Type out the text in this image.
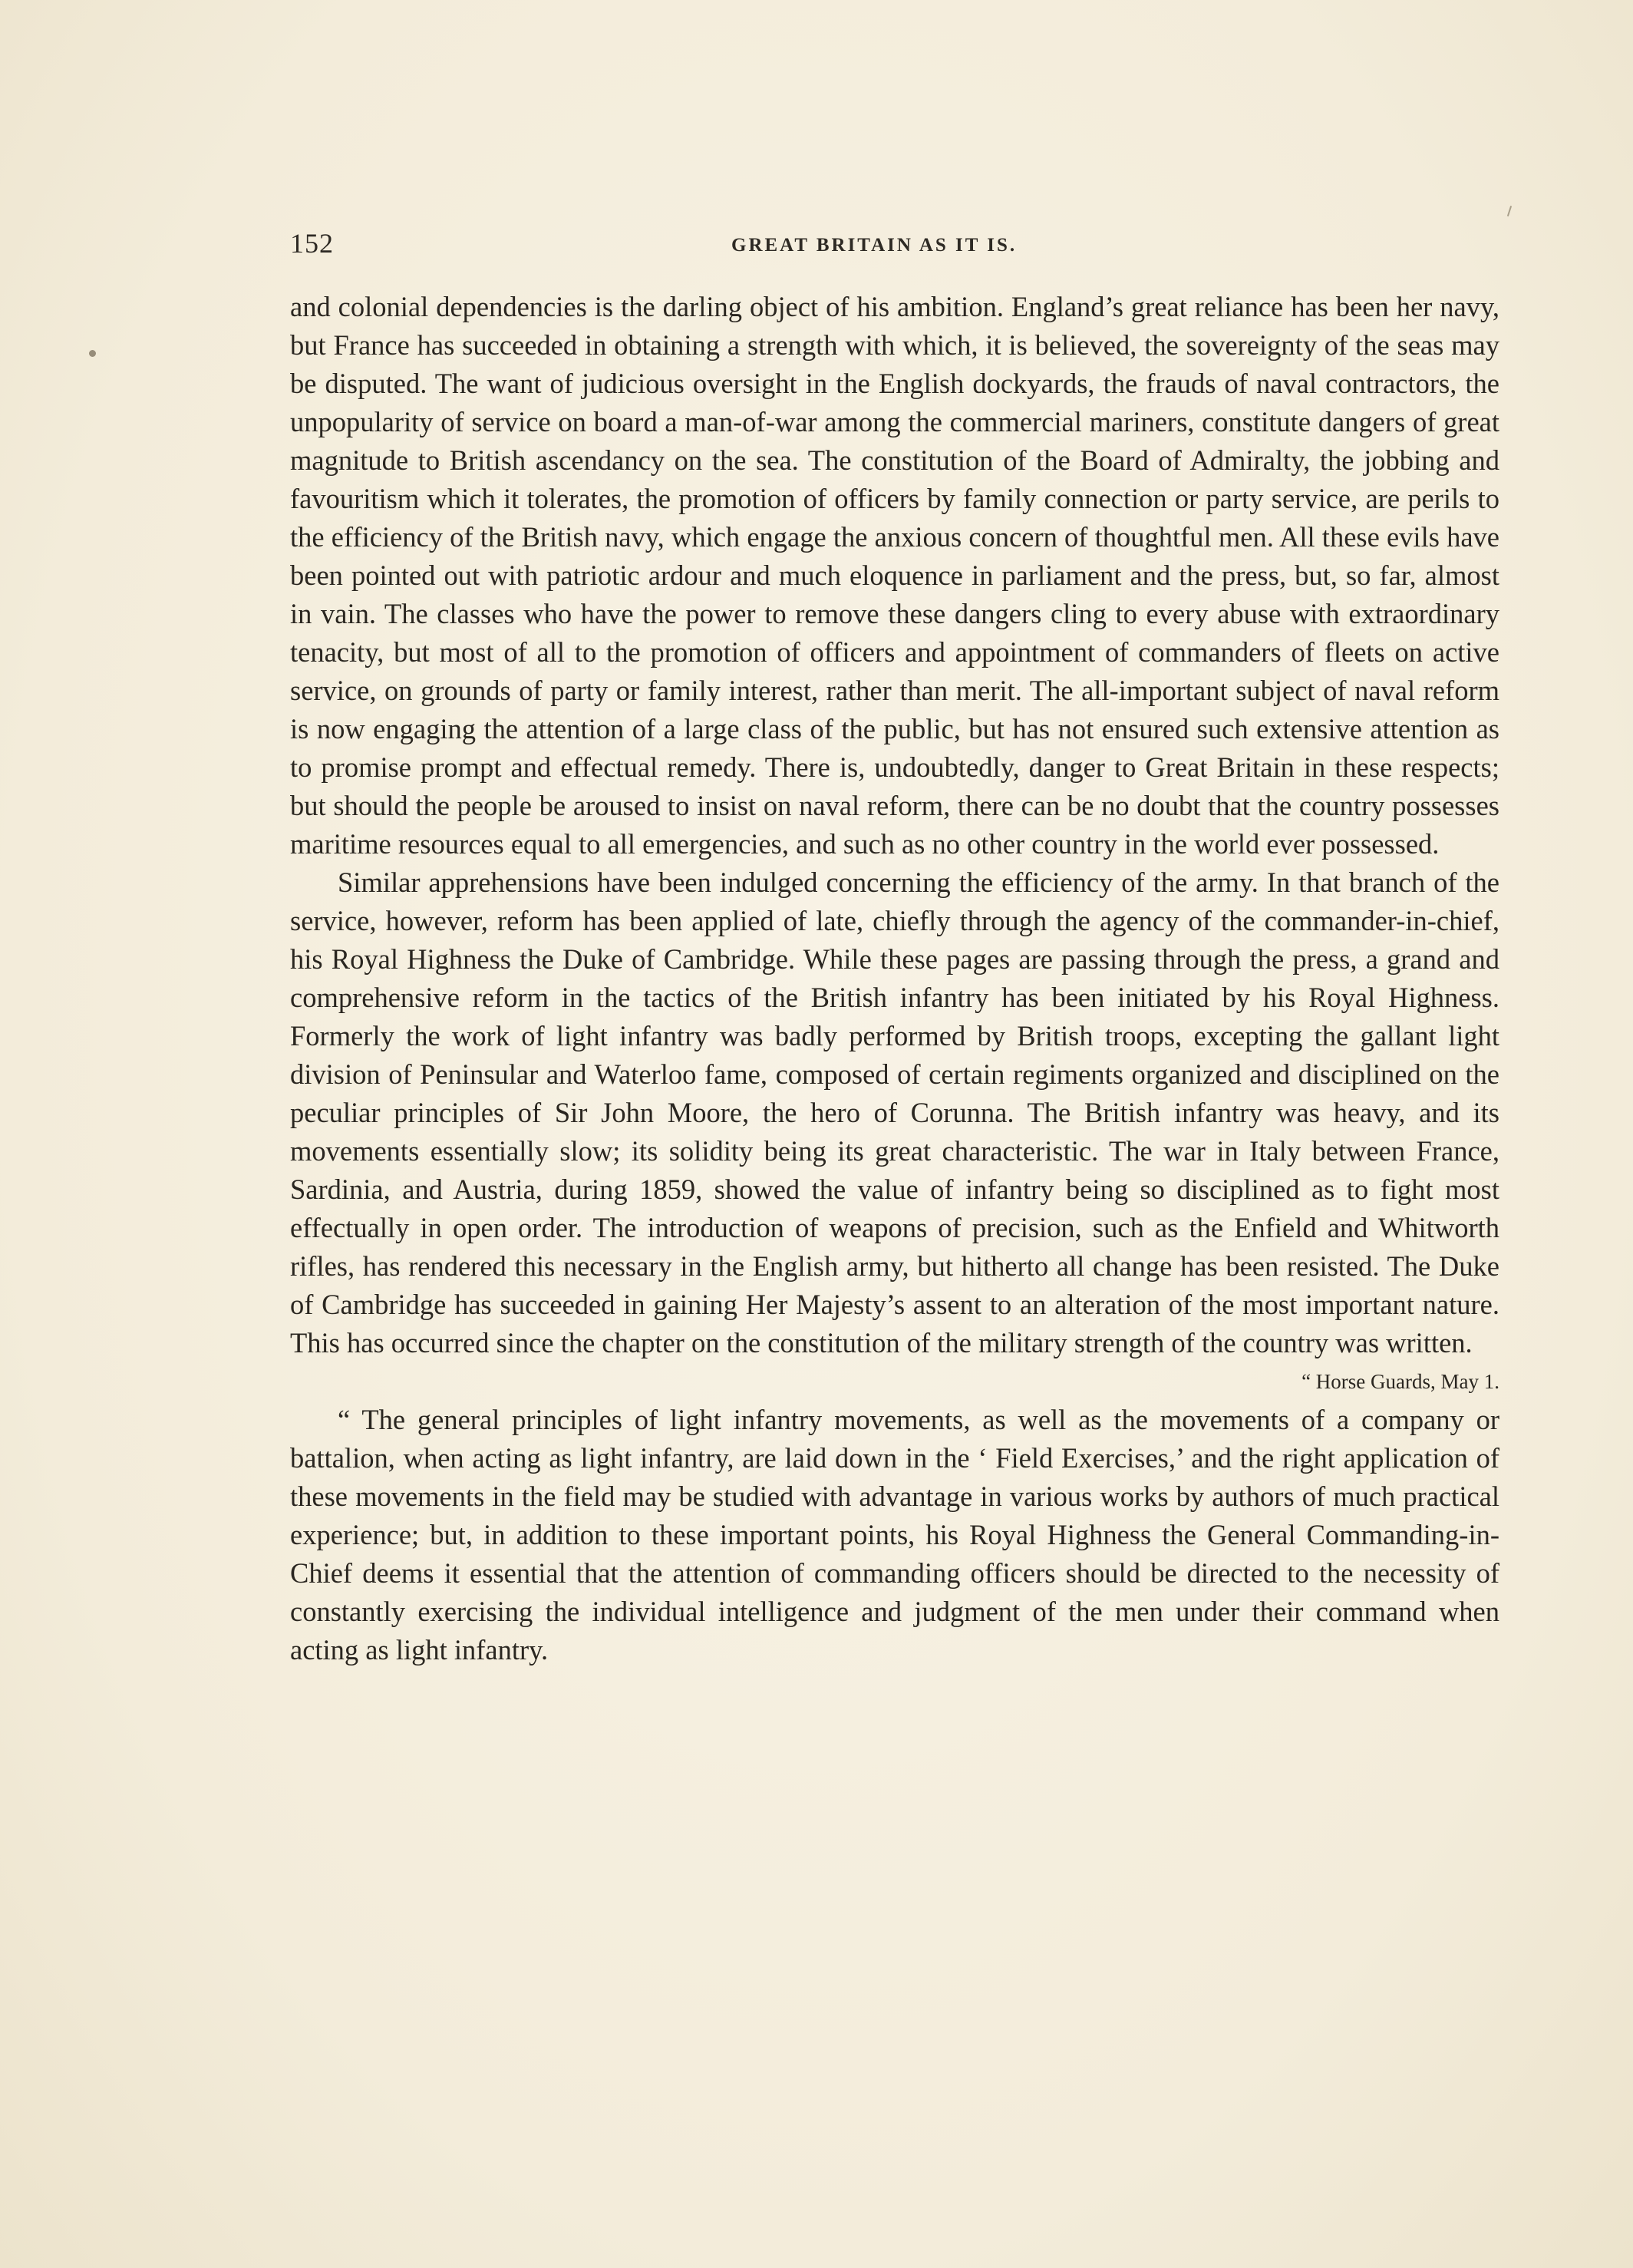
152	GREAT BRITAIN AS IT IS.

and colonial dependencies is the darling object of his ambition. England’s great reliance has been her navy, but France has succeeded in obtaining a strength with which, it is believed, the sovereignty of the seas may be disputed. The want of judicious oversight in the English dockyards, the frauds of naval contractors, the unpopularity of service on board a man-of-war among the commercial mariners, constitute dangers of great magnitude to British ascendancy on the sea. The constitution of the Board of Admiralty, the jobbing and favouritism which it tolerates, the promotion of officers by family connection or party service, are perils to the efficiency of the British navy, which engage the anxious concern of thoughtful men. All these evils have been pointed out with patriotic ardour and much eloquence in parliament and the press, but, so far, almost in vain. The classes who have the power to remove these dangers cling to every abuse with extraordinary tenacity, but most of all to the promotion of officers and appointment of commanders of fleets on active service, on grounds of party or family interest, rather than merit. The all-important subject of naval reform is now engaging the attention of a large class of the public, but has not ensured such extensive attention as to promise prompt and effectual remedy. There is, undoubtedly, danger to Great Britain in these respects; but should the people be aroused to insist on naval reform, there can be no doubt that the country possesses maritime resources equal to all emergencies, and such as no other country in the world ever possessed.

Similar apprehensions have been indulged concerning the efficiency of the army. In that branch of the service, however, reform has been applied of late, chiefly through the agency of the commander-in-chief, his Royal Highness the Duke of Cambridge. While these pages are passing through the press, a grand and comprehensive reform in the tactics of the British infantry has been initiated by his Royal Highness. Formerly the work of light infantry was badly performed by British troops, excepting the gallant light division of Peninsular and Waterloo fame, composed of certain regiments organized and disciplined on the peculiar principles of Sir John Moore, the hero of Corunna. The British infantry was heavy, and its movements essentially slow; its solidity being its great characteristic. The war in Italy between France, Sardinia, and Austria, during 1859, showed the value of infantry being so disciplined as to fight most effectually in open order. The introduction of weapons of precision, such as the Enfield and Whitworth rifles, has rendered this necessary in the English army, but hitherto all change has been resisted. The Duke of Cambridge has succeeded in gaining Her Majesty’s assent to an alteration of the most important nature. This has occurred since the chapter on the constitution of the military strength of the country was written.

“ Horse Guards, May 1.

“ The general principles of light infantry movements, as well as the movements of a company or battalion, when acting as light infantry, are laid down in the ‘ Field Exercises,’ and the right application of these movements in the field may be studied with advantage in various works by authors of much practical experience; but, in addition to these important points, his Royal Highness the General Commanding-in-Chief deems it essential that the attention of commanding officers should be directed to the necessity of constantly exercising the individual intelligence and judgment of the men under their command when acting as light infantry.
